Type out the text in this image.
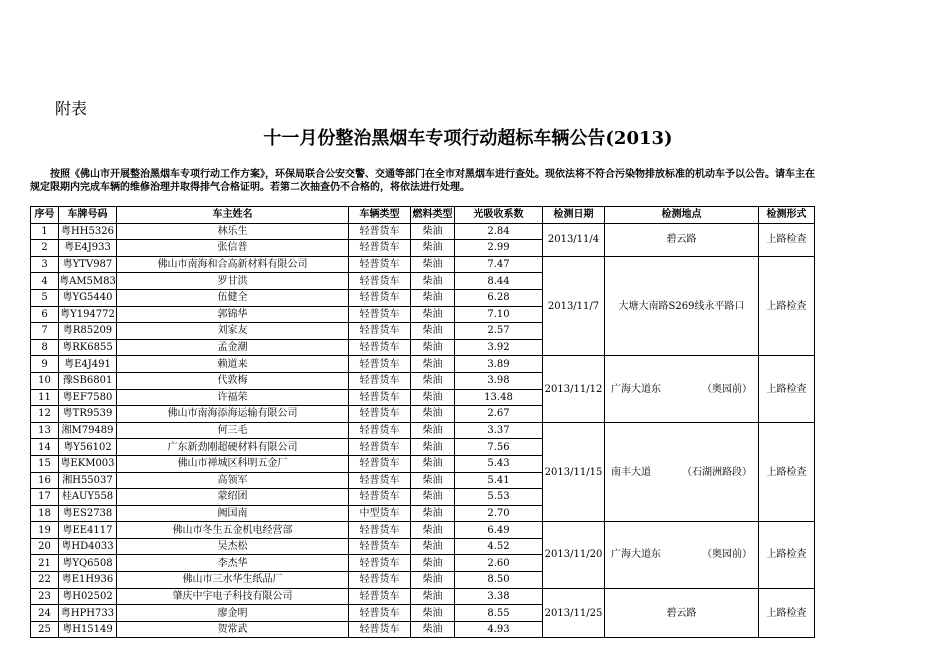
附表
十一月份整治黑烟车专项行动超标车辆公告(2013)

按照《佛山市开展整治黑烟车专项行动工作方案》，环保局联合公安交警、交通等部门在全市对黑烟车进行查处。现依法将不符合污染物排放标准的机动车予以公告。请车主在规定限期内完成车辆的维修治理并取得排气合格证明。若第二次抽查仍不合格的，将依法进行处理。

序号	车牌号码	车主姓名	车辆类型	燃料类型	光吸收系数	检测日期	检测地点	检测形式
1	粤HH5326	林乐生	轻普货车	柴油	2.84	2013/11/4	碧云路	上路检查
2	粤E4J933	张信普	轻普货车	柴油	2.99			
3	粤YTV987	佛山市南海和合高新材料有限公司	轻普货车	柴油	7.47	2013/11/7	大塘大南路S269线永平路口	上路检查
4	粤AM5M83	罗甘洪	轻普货车	柴油	8.44			
5	粤YG5440	伍健全	轻普货车	柴油	6.28			
6	粤Y194772	郭锦华	轻普货车	柴油	7.10			
7	粤R85209	刘家友	轻普货车	柴油	2.57			
8	粤RK6855	孟金潮	轻普货车	柴油	3.92			
9	粤E4J491	赖道来	轻普货车	柴油	3.89	2013/11/12	广海大道东 （奥园前）	上路检查
10	豫SB6801	代敦梅	轻普货车	柴油	3.98			
11	粤EF7580	许福荣	轻普货车	柴油	13.48			
12	粤TR9539	佛山市南海添海运输有限公司	轻普货车	柴油	2.67			
13	湘M79489	何三毛	轻普货车	柴油	3.37	2013/11/15	南丰大道 （石湖洲路段）	上路检查
14	粤Y56102	广东新劲刚超硬材料有限公司	轻普货车	柴油	7.56			
15	粤EKM003	佛山市禅城区科明五金厂	轻普货车	柴油	5.43			
16	湘H55037	高领军	轻普货车	柴油	5.41			
17	桂AUY558	蒙绍团	轻普货车	柴油	5.53			
18	粤ES2738	阙国南	中型货车	柴油	2.70			
19	粤EE4117	佛山市冬生五金机电经营部	轻普货车	柴油	6.49	2013/11/20	广海大道东 （奥园前）	上路检查
20	粤HD4033	吴杰松	轻普货车	柴油	4.52			
21	粤YQ6508	李杰华	轻普货车	柴油	2.60			
22	粤E1H936	佛山市三水华生纸品厂	轻普货车	柴油	8.50			
23	粤H02502	肇庆中宇电子科技有限公司	轻普货车	柴油	3.38	2013/11/25	碧云路	上路检查
24	粤HPH733	廖金明	轻普货车	柴油	8.55			
25	粤H15149	贺常武	轻普货车	柴油	4.93			
